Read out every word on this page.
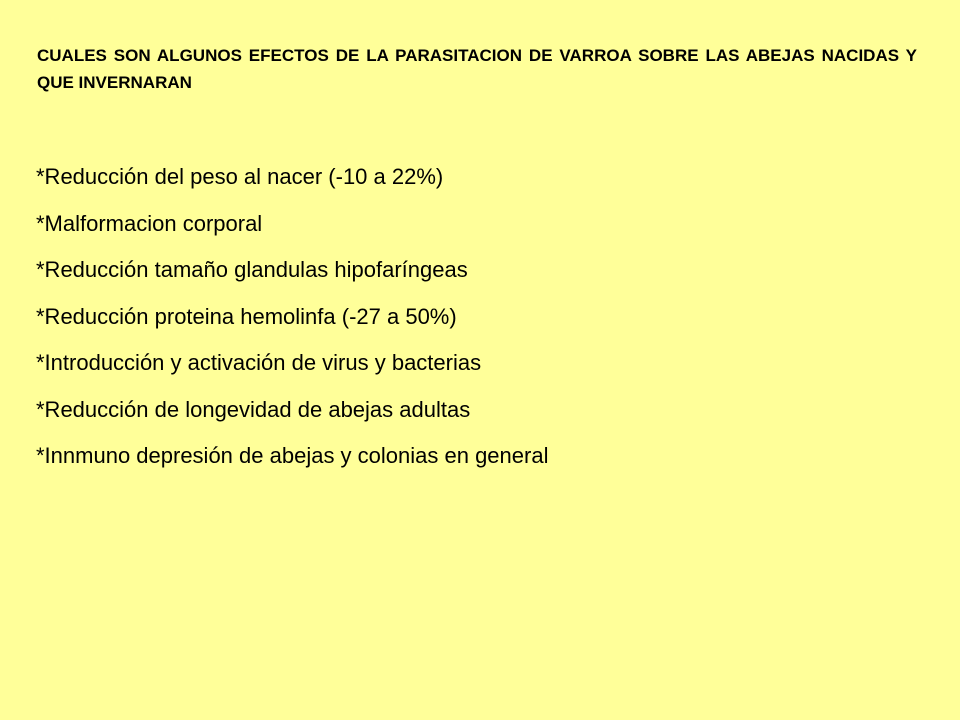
CUALES SON ALGUNOS EFECTOS DE LA PARASITACION DE VARROA SOBRE LAS ABEJAS NACIDAS Y QUE INVERNARAN
*Reducción del peso al nacer (-10 a 22%)
*Malformacion corporal
*Reducción tamaño glandulas hipofaríngeas
*Reducción proteina hemolinfa (-27 a 50%)
*Introducción y activación de virus y bacterias
*Reducción de longevidad de abejas adultas
*Innmuno depresión de abejas y colonias en general
